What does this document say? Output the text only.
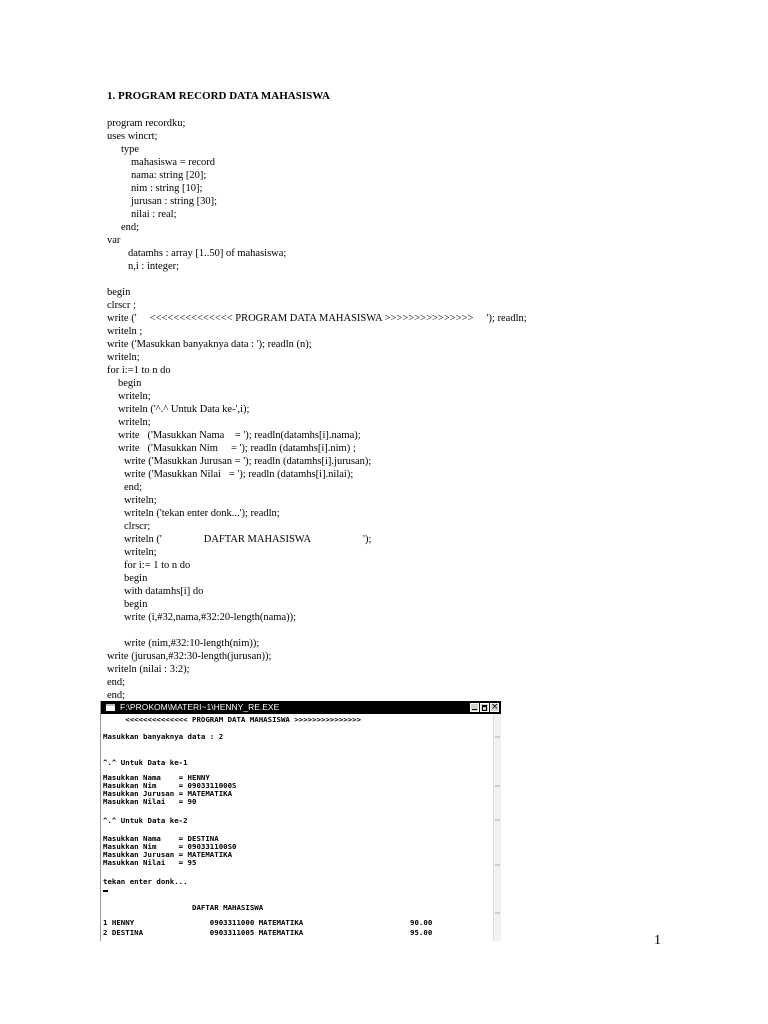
1. PROGRAM RECORD DATA MAHASISWA
program recordku;
uses wincrt;
type
mahasiswa = record
nama: string [20];
nim : string [10];
jurusan : string [30];
nilai : real;
end;
var
datamhs : array [1..50] of mahasiswa;
n,i : integer;
begin
clrscr ;
write ('     <<<<<<<<<<<<<< PROGRAM DATA MAHASISWA >>>>>>>>>>>>>>>     '); readln;
writeln ;
write ('Masukkan banyaknya data : '); readln (n);
writeln;
for i:=1 to n do
begin
writeln;
writeln ('^.^ Untuk Data ke-',i);
writeln;
write   ('Masukkan Nama    = '); readln(datamhs[i].nama);
write   ('Masukkan Nim     = '); readln (datamhs[i].nim) ;
write ('Masukkan Jurusan = '); readln (datamhs[i].jurusan);
write ('Masukkan Nilai   = '); readln (datamhs[i].nilai);
end;
writeln;
writeln ('tekan enter donk...'); readln;
clrscr;
writeln ('                DAFTAR MAHASISWA                    ');
writeln;
for i:= 1 to n do
begin
with datamhs[i] do
begin
write (i,#32,nama,#32:20-length(nama));
write (nim,#32:10-length(nim));
write (jurusan,#32:30-length(jurusan));
writeln (nilai : 3:2);
end;
end;
F:\PROKOM\MATERI~1\HENNY_RE.EXE
×
<<<<<<<<<<<<<< PROGRAM DATA MAHASISWA >>>>>>>>>>>>>>>
Masukkan banyaknya data : 2
^.^ Untuk Data ke-1
Masukkan Nama    = HENNY
Masukkan Nim     = 0903311000S
Masukkan Jurusan = MATEMATIKA
Masukkan Nilai   = 90
^.^ Untuk Data ke-2
Masukkan Nama    = DESTINA
Masukkan Nim     = 090331100S0
Masukkan Jurusan = MATEMATIKA
Masukkan Nilai   = 95
tekan enter donk...
DAFTAR MAHASISWA
1 HENNY                 0903311000 MATEMATIKA                        90.00
2 DESTINA               0903311005 MATEMATIKA                        95.00
1
